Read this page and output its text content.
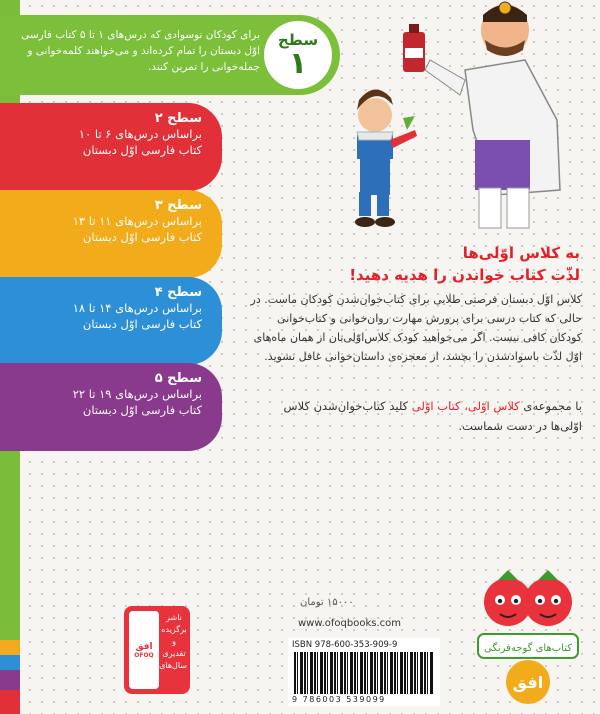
سطح
۱
برای کودکان نوسوادی که درس‌های ۱ تا ۵ کتاب فارسی اوّل دبستان را تمام کرده‌اند و می‌خواهند کلمه‌خوانی و جمله‌خوانی را تمرین کنند.
سطح ۲
براساس درس‌های ۶ تا ۱۰
کتاب فارسی اوّل دبستان
سطح ۳
براساس درس‌های ۱۱ تا ۱۳
کتاب فارسی اوّل دبستان
سطح ۴
براساس درس‌های ۱۴ تا ۱۸
کتاب فارسی اوّل دبستان
سطح ۵
براساس درس‌های ۱۹ تا ۲۲
کتاب فارسی اوّل دبستان
به کلاس اوّلی‌ها
لذّت کتاب خواندن را هدیه دهید!
کلاس اوّل دبستان فرصتی طلایی برای کتاب‌خوان‌شدن کودکان ماست. در حالی که کتاب درسی برای پرورش مهارت روان‌خوانی و کتاب‌خوانی کودکان کافی نیست. اگر می‌خواهید کودک کلاس‌اوّلی‌تان از همان ماه‌های اوّل لذّت باسوادشدن را بچشد، از معجزه‌ی داستان‌خوانی غافل نشوید.
با مجموعه‌ی کلاس اوّلی، کتاب اوّلی کلید کتاب‌خوان‌شدن کلاس اوّلی‌ها در دست شماست.
۱۵۰۰۰ تومان
www.ofoqbooks.com
ISBN 978-600-353-909-9
9 786003 539099
افق
OFOQ
ناشر برگزیده و تقدیری سال‌های
کتاب‌های گوجه‌فرنگی
افق
